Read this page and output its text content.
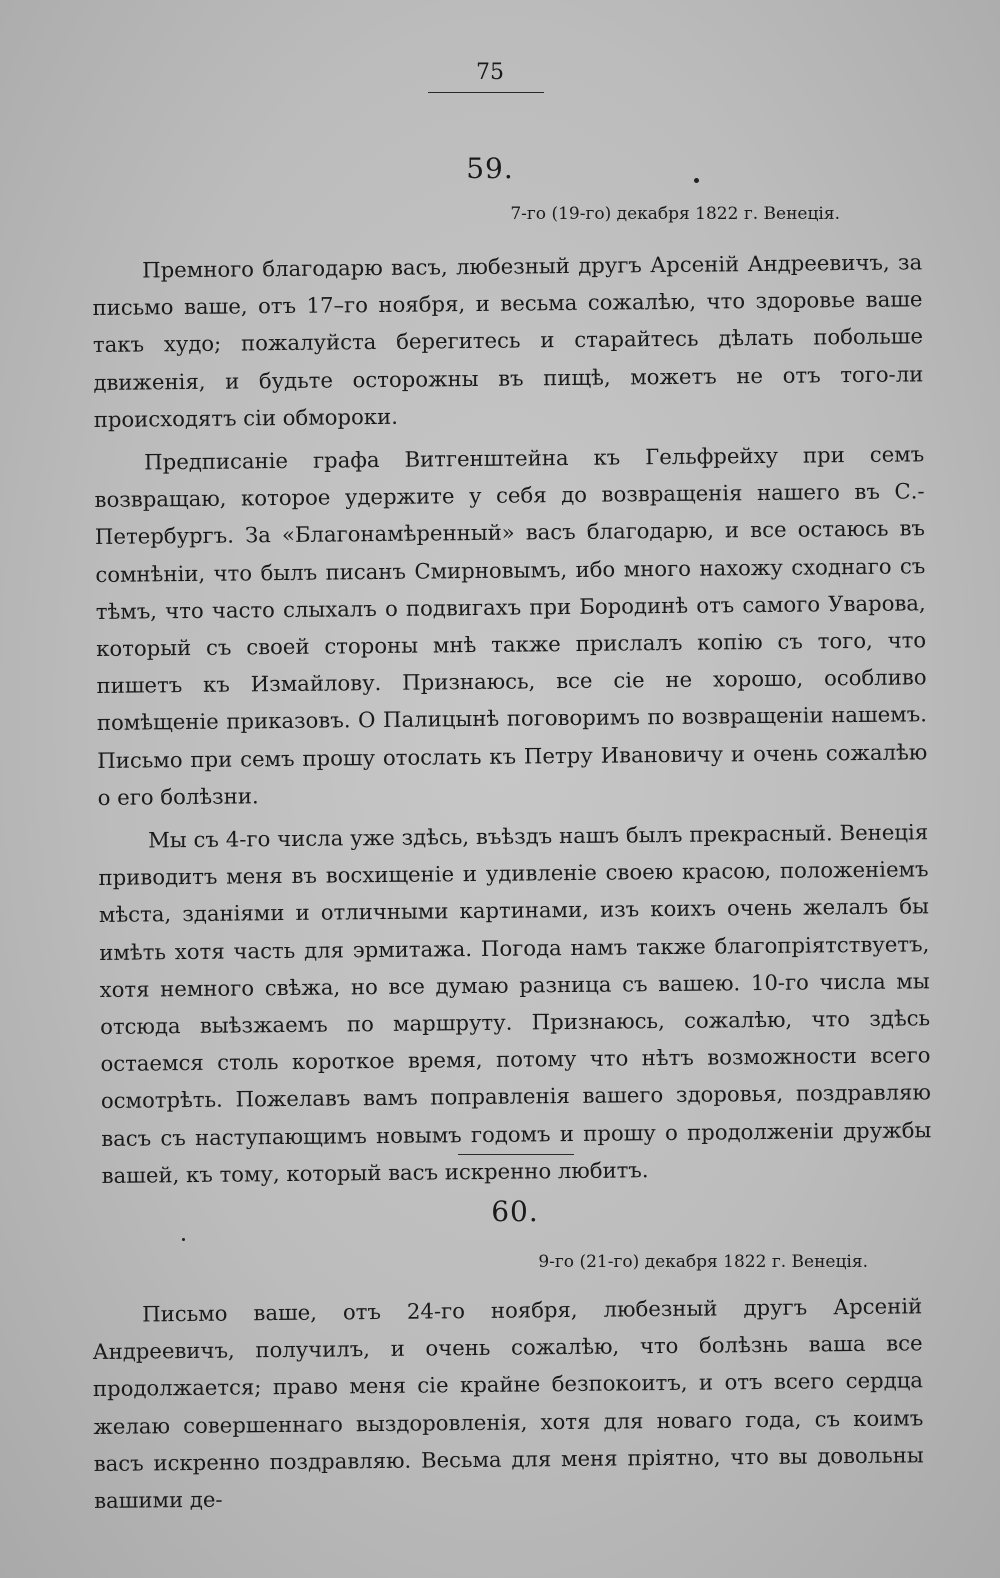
75
59.
7-го (19-го) декабря 1822 г. Венеція.

Премного благодарю васъ, любезный другъ Арсеній Андреевичъ, за письмо ваше, отъ 17–го ноября, и весьма сожалѣю, что здоровье ваше такъ худо; пожалуйста берегитесь и старайтесь дѣлать побольше движенія, и будьте осторожны въ пищѣ, можетъ не отъ того-ли происходятъ сіи обмороки.

Предписаніе графа Витгенштейна къ Гельфрейху при семъ возвращаю, которое удержите у себя до возвращенія нашего въ С.-Петербургъ. За «Благонамѣренный» васъ благодарю, и все остаюсь въ сомнѣніи, что былъ писанъ Смирновымъ, ибо много нахожу сходнаго съ тѣмъ, что часто слыхалъ о подвигахъ при Бородинѣ отъ самого Уварова, который съ своей стороны мнѣ также прислалъ копію съ того, что пишетъ къ Измайлову. Признаюсь, все сіе не хорошо, особливо помѣщеніе приказовъ. О Палицынѣ поговоримъ по возвращеніи нашемъ. Письмо при семъ прошу отослать къ Петру Ивановичу и очень сожалѣю о его болѣзни.

Мы съ 4-го числа уже здѣсь, въѣздъ нашъ былъ прекрасный. Венеція приводитъ меня въ восхищеніе и удивленіе своею красою, положеніемъ мѣста, зданіями и отличными картинами, изъ коихъ очень желалъ бы имѣть хотя часть для эрмитажа. Погода намъ также благопріятствуетъ, хотя немного свѣжа, но все думаю разница съ вашею. 10-го числа мы отсюда выѣзжаемъ по маршруту. Признаюсь, сожалѣю, что здѣсь остаемся столь короткое время, потому что нѣтъ возможности всего осмотрѣть. Пожелавъ вамъ поправленія вашего здоровья, поздравляю васъ съ наступающимъ новымъ годомъ и прошу о продолженіи дружбы вашей, къ тому, который васъ искренно любитъ.

60.
9-го (21-го) декабря 1822 г. Венеція.

Письмо ваше, отъ 24-го ноября, любезный другъ Арсеній Андреевичъ, получилъ, и очень сожалѣю, что болѣзнь ваша все продолжается; право меня сіе крайне безпокоитъ, и отъ всего сердца желаю совершеннаго выздоровленія, хотя для новаго года, съ коимъ васъ искренно поздравляю. Весьма для меня пріятно, что вы довольны вашими де-
